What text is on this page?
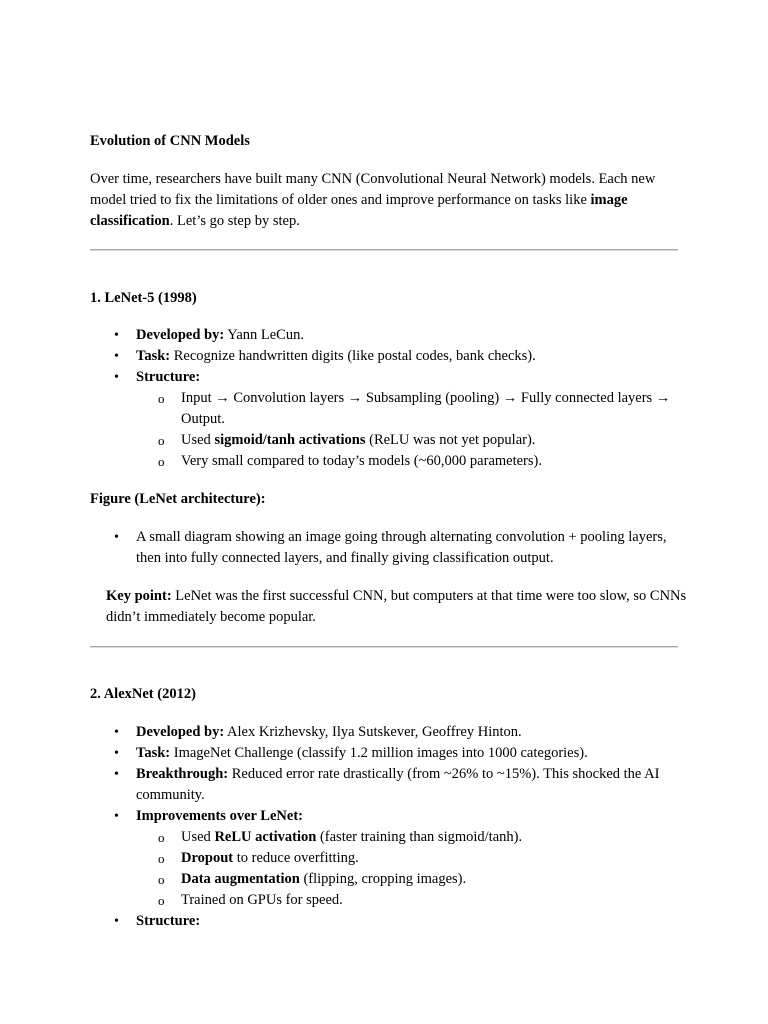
Evolution of CNN Models

Over time, researchers have built many CNN (Convolutional Neural Network) models. Each new model tried to fix the limitations of older ones and improve performance on tasks like image classification. Let’s go step by step.

1. LeNet-5 (1998)

• Developed by: Yann LeCun.
• Task: Recognize handwritten digits (like postal codes, bank checks).
• Structure:
o Input → Convolution layers → Subsampling (pooling) → Fully connected layers → Output.
o Used sigmoid/tanh activations (ReLU was not yet popular).
o Very small compared to today’s models (~60,000 parameters).

Figure (LeNet architecture):

• A small diagram showing an image going through alternating convolution + pooling layers, then into fully connected layers, and finally giving classification output.

Key point: LeNet was the first successful CNN, but computers at that time were too slow, so CNNs didn’t immediately become popular.

2. AlexNet (2012)

• Developed by: Alex Krizhevsky, Ilya Sutskever, Geoffrey Hinton.
• Task: ImageNet Challenge (classify 1.2 million images into 1000 categories).
• Breakthrough: Reduced error rate drastically (from ~26% to ~15%). This shocked the AI community.
• Improvements over LeNet:
o Used ReLU activation (faster training than sigmoid/tanh).
o Dropout to reduce overfitting.
o Data augmentation (flipping, cropping images).
o Trained on GPUs for speed.
• Structure:
